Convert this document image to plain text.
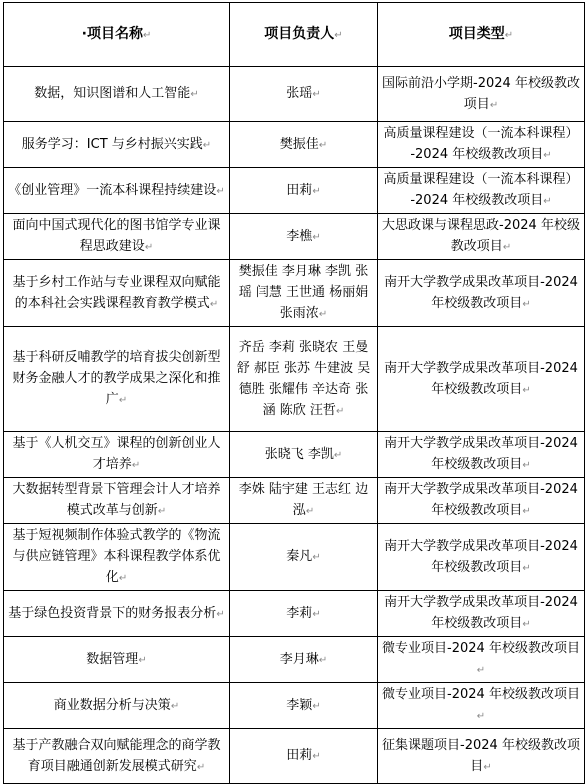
·项目名称↵	项目负责人↵	项目类型↵
数据，知识图谱和人工智能↵	张瑶↵	国际前沿小学期-2024 年校级教改项目↵
服务学习：ICT 与乡村振兴实践↵	樊振佳↵	高质量课程建设（一流本科课程）-2024 年校级教改项目↵
《创业管理》一流本科课程持续建设↵	田莉↵	高质量课程建设（一流本科课程）-2024 年校级教改项目↵
面向中国式现代化的图书馆学专业课程思政建设↵	李樵↵	大思政课与课程思政-2024 年校级教改项目↵
基于乡村工作站与专业课程双向赋能的本科社会实践课程教育教学模式↵	樊振佳 李月琳 李凯 张瑶 闫慧 王世通 杨丽娟 张雨浓↵	南开大学教学成果改革项目-2024 年校级教改项目↵
基于科研反哺教学的培育拔尖创新型财务金融人才的教学成果之深化和推广↵	齐岳 李莉 张晓农 王曼舒 郝臣 张苏 牛建波 吴德胜 张耀伟 辛达奇 张涵 陈欣 汪哲↵	南开大学教学成果改革项目-2024 年校级教改项目↵
基于《人机交互》课程的创新创业人才培养↵	张晓飞 李凯↵	南开大学教学成果改革项目-2024 年校级教改项目↵
大数据转型背景下管理会计人才培养模式改革与创新↵	李姝 陆宇建 王志红 边泓↵	南开大学教学成果改革项目-2024 年校级教改项目↵
基于短视频制作体验式教学的《物流与供应链管理》本科课程教学体系优化↵	秦凡↵	南开大学教学成果改革项目-2024 年校级教改项目↵
基于绿色投资背景下的财务报表分析↵	李莉↵	南开大学教学成果改革项目-2024 年校级教改项目↵
数据管理↵	李月琳↵	微专业项目-2024 年校级教改项目↵
商业数据分析与决策↵	李颖↵	微专业项目-2024 年校级教改项目↵
基于产教融合双向赋能理念的商学教育项目融通创新发展模式研究↵	田莉↵	征集课题项目-2024 年校级教改项目↵
